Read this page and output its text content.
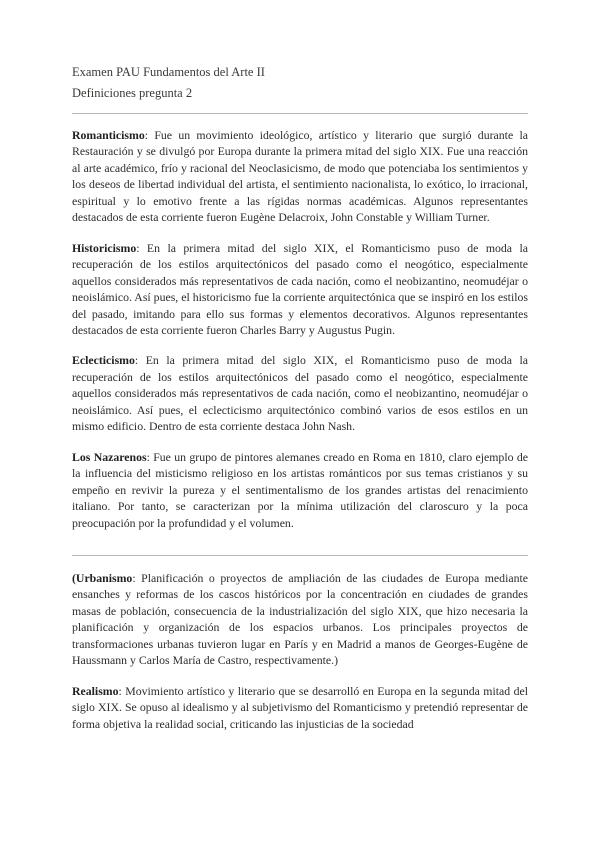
Examen PAU Fundamentos del Arte II

Definiciones pregunta 2

Romanticismo: Fue un movimiento ideológico, artístico y literario que surgió durante la Restauración y se divulgó por Europa durante la primera mitad del siglo XIX. Fue una reacción al arte académico, frío y racional del Neoclasicismo, de modo que potenciaba los sentimientos y los deseos de libertad individual del artista, el sentimiento nacionalista, lo exótico, lo irracional, espiritual y lo emotivo frente a las rígidas normas académicas. Algunos representantes destacados de esta corriente fueron Eugène Delacroix, John Constable y William Turner.

Historicismo: En la primera mitad del siglo XIX, el Romanticismo puso de moda la recuperación de los estilos arquitectónicos del pasado como el neogótico, especialmente aquellos considerados más representativos de cada nación, como el neobizantino, neomudéjar o neoislámico. Así pues, el historicismo fue la corriente arquitectónica que se inspiró en los estilos del pasado, imitando para ello sus formas y elementos decorativos. Algunos representantes destacados de esta corriente fueron Charles Barry y Augustus Pugin.

Eclecticismo: En la primera mitad del siglo XIX, el Romanticismo puso de moda la recuperación de los estilos arquitectónicos del pasado como el neogótico, especialmente aquellos considerados más representativos de cada nación, como el neobizantino, neomudéjar o neoislámico. Así pues, el eclecticismo arquitectónico combinó varios de esos estilos en un mismo edificio. Dentro de esta corriente destaca John Nash.

Los Nazarenos: Fue un grupo de pintores alemanes creado en Roma en 1810, claro ejemplo de la influencia del misticismo religioso en los artistas románticos por sus temas cristianos y su empeño en revivir la pureza y el sentimentalismo de los grandes artistas del renacimiento italiano. Por tanto, se caracterizan por la mínima utilización del claroscuro y la poca preocupación por la profundidad y el volumen.

(Urbanismo: Planificación o proyectos de ampliación de las ciudades de Europa mediante ensanches y reformas de los cascos históricos por la concentración en ciudades de grandes masas de población, consecuencia de la industrialización del siglo XIX, que hizo necesaria la planificación y organización de los espacios urbanos. Los principales proyectos de transformaciones urbanas tuvieron lugar en París y en Madrid a manos de Georges-Eugène de Haussmann y Carlos María de Castro, respectivamente.)

Realismo: Movimiento artístico y literario que se desarrolló en Europa en la segunda mitad del siglo XIX. Se opuso al idealismo y al subjetivismo del Romanticismo y pretendió representar de forma objetiva la realidad social, criticando las injusticias de la sociedad
